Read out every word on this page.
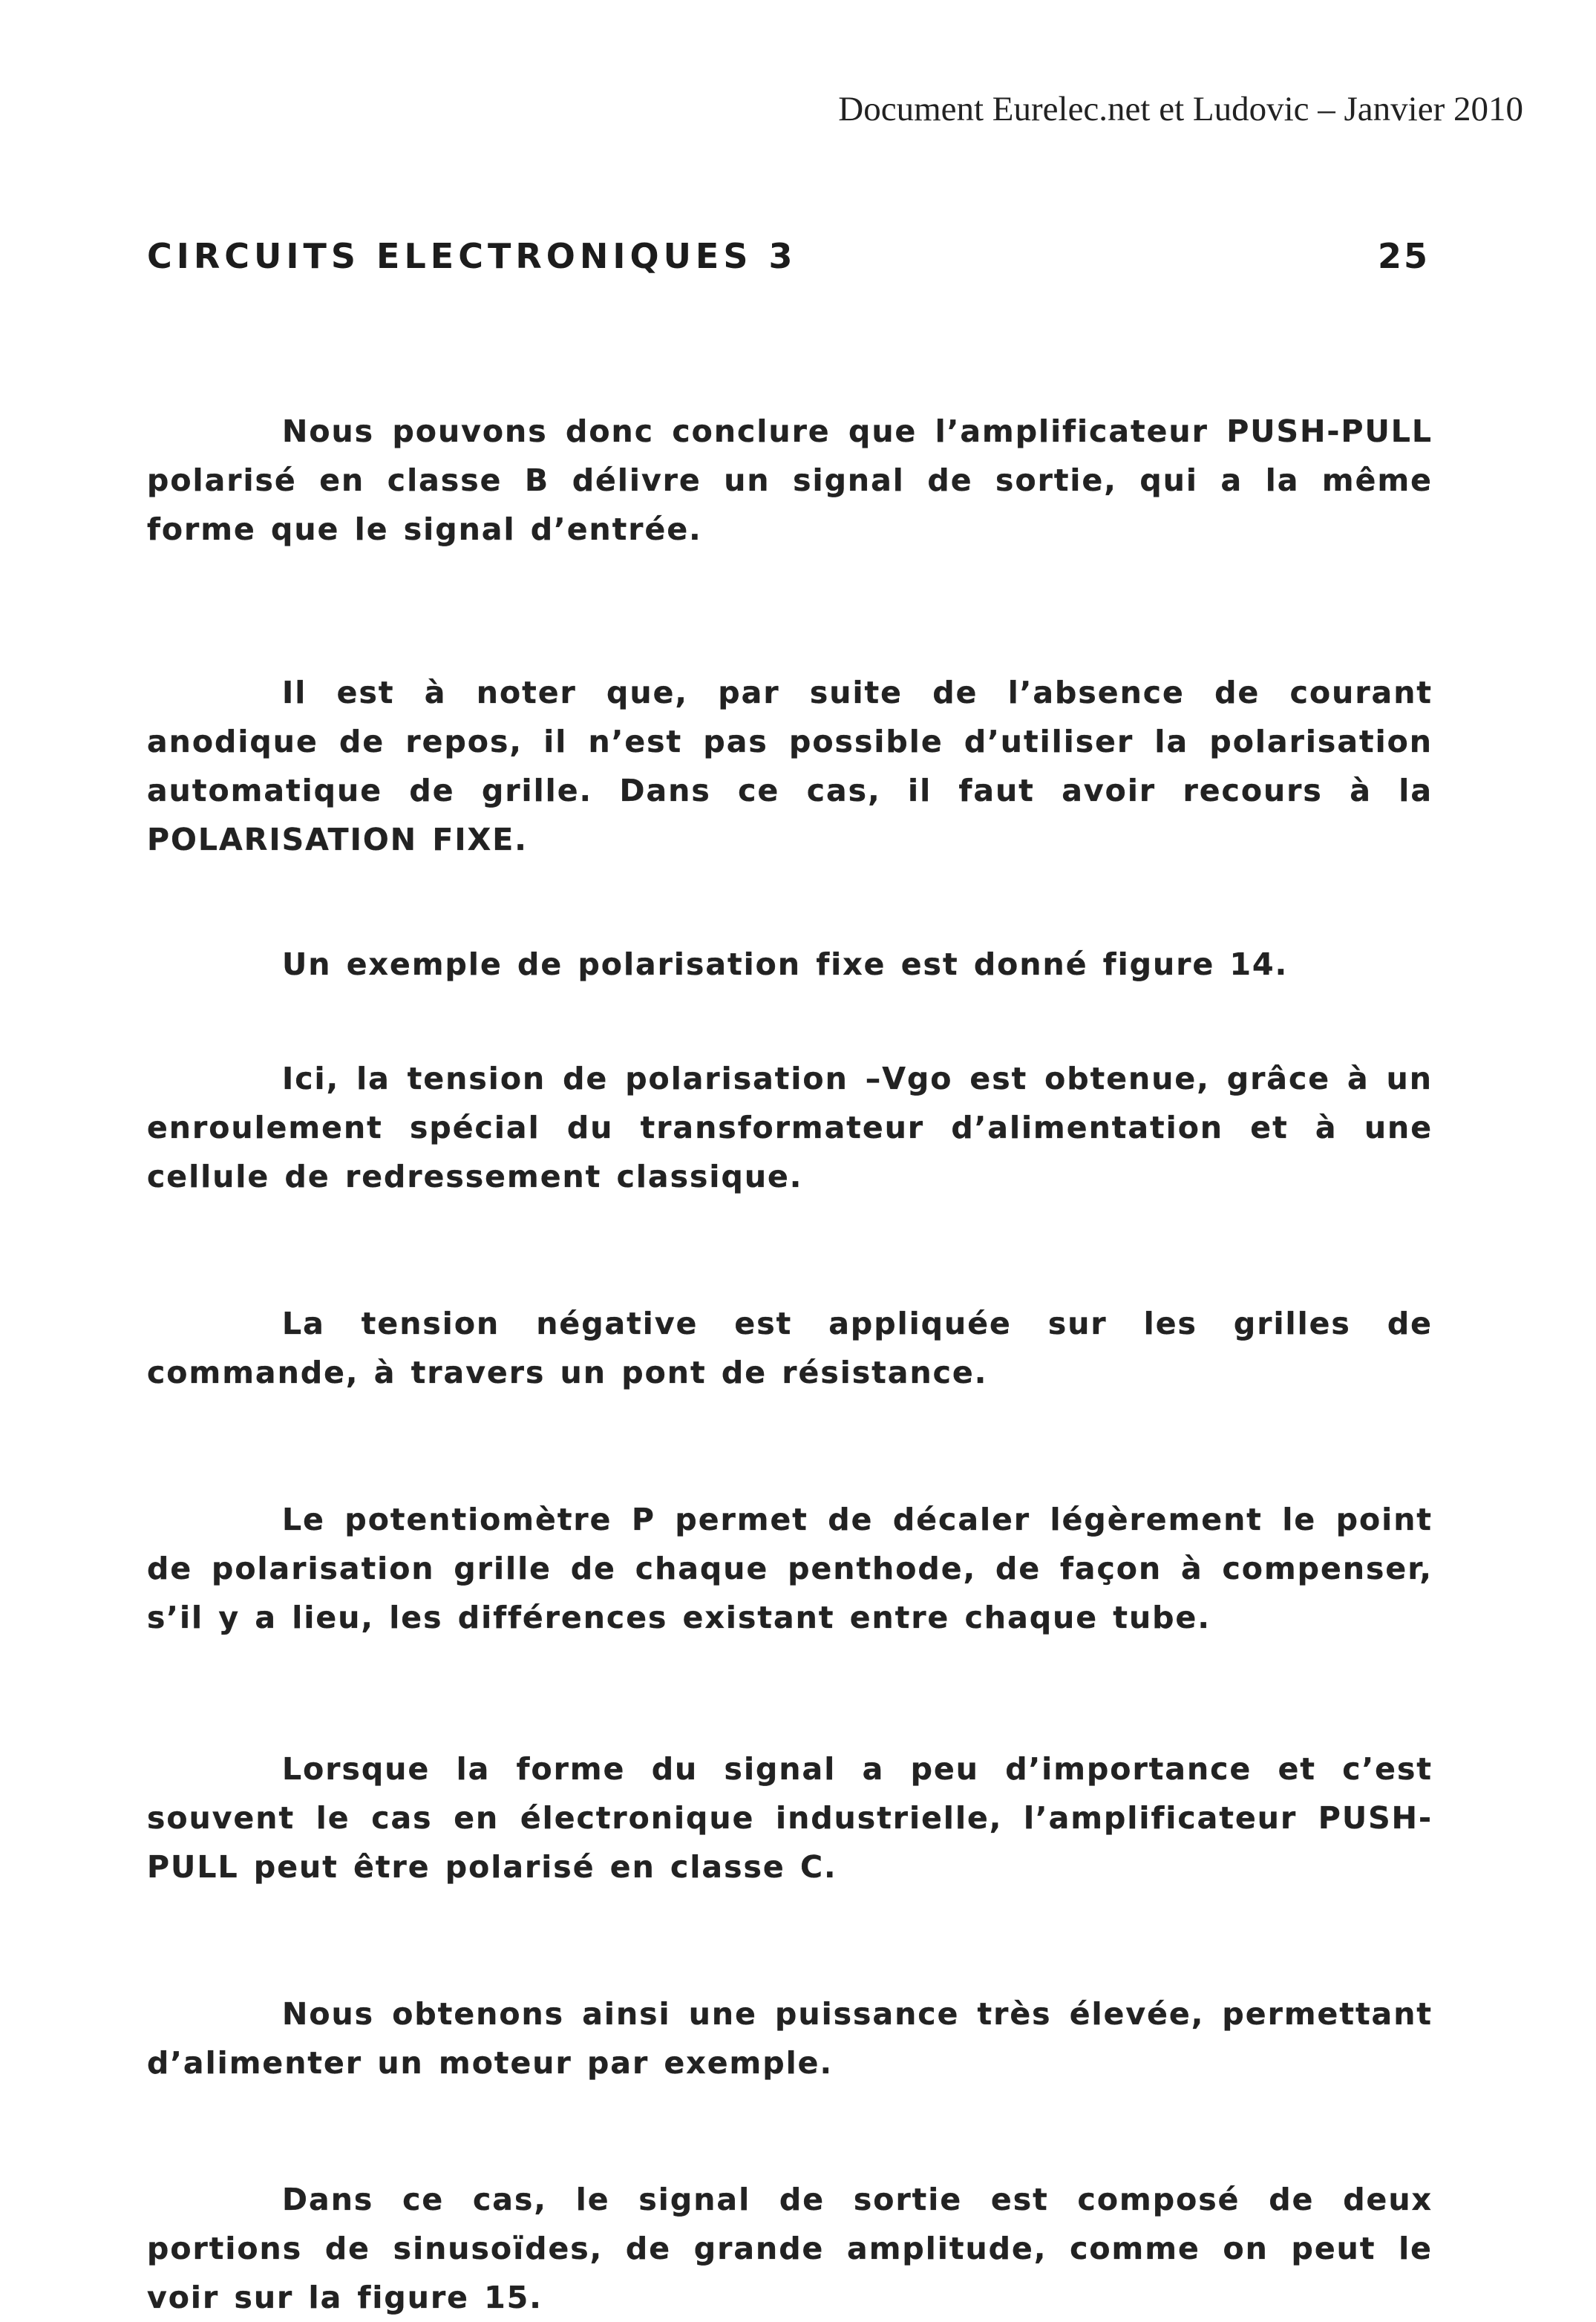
Document Eurelec.net et Ludovic – Janvier 2010
CIRCUITS ELECTRONIQUES 3	25

Nous pouvons donc conclure que l’amplificateur PUSH-PULL polarisé en classe B délivre un signal de sortie, qui a la même forme que le signal d’entrée.

Il est à noter que, par suite de l’absence de courant anodique de repos, il n’est pas possible d’utiliser la polarisation automatique de grille. Dans ce cas, il faut avoir recours à la POLARISATION FIXE.

Un exemple de polarisation fixe est donné figure 14.

Ici, la tension de polarisation –Vgo est obtenue, grâce à un enroulement spécial du transformateur d’alimentation et à une cellule de redressement classique.

La tension négative est appliquée sur les grilles de commande, à travers un pont de résistance.

Le potentiomètre P permet de décaler légèrement le point de polarisation grille de chaque penthode, de façon à compenser, s’il y a lieu, les différences existant entre chaque tube.

Lorsque la forme du signal a peu d’importance et c’est souvent le cas en électronique industrielle, l’amplificateur PUSH-PULL peut être polarisé en classe C.

Nous obtenons ainsi une puissance très élevée, permettant d’alimenter un moteur par exemple.

Dans ce cas, le signal de sortie est composé de deux portions de sinusoïdes, de grande amplitude, comme on peut le voir sur la figure 15.
